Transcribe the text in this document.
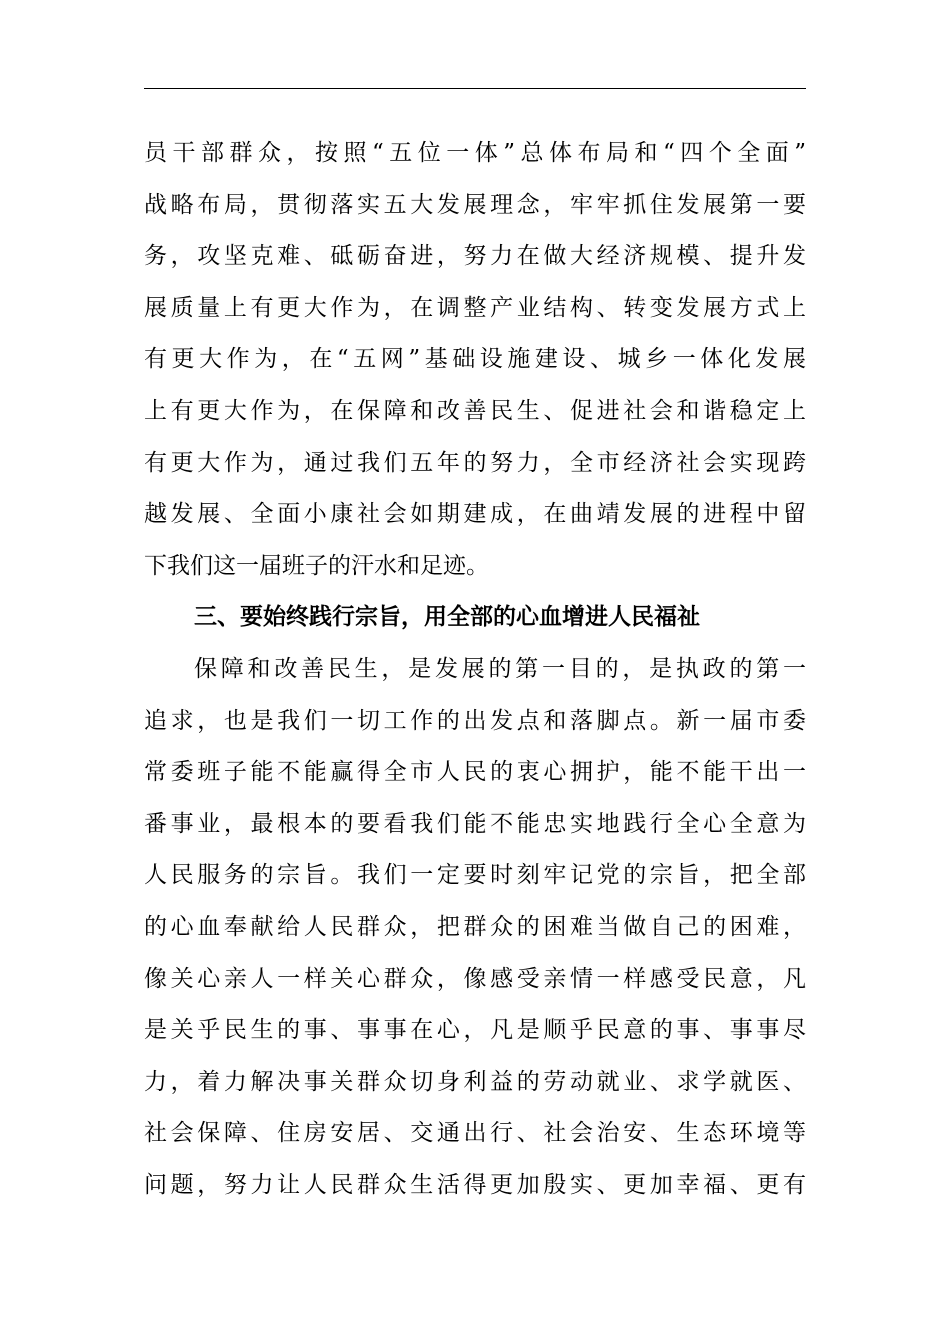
员干部群众，按照“五位一体”总体布局和“四个全面”
战略布局，贯彻落实五大发展理念，牢牢抓住发展第一要
务，攻坚克难、砥砺奋进，努力在做大经济规模、提升发
展质量上有更大作为，在调整产业结构、转变发展方式上
有更大作为，在“五网”基础设施建设、城乡一体化发展
上有更大作为，在保障和改善民生、促进社会和谐稳定上
有更大作为，通过我们五年的努力，全市经济社会实现跨
越发展、全面小康社会如期建成，在曲靖发展的进程中留
下我们这一届班子的汗水和足迹。
三、要始终践行宗旨，用全部的心血增进人民福祉
保障和改善民生，是发展的第一目的，是执政的第一
追求，也是我们一切工作的出发点和落脚点。新一届市委
常委班子能不能赢得全市人民的衷心拥护，能不能干出一
番事业，最根本的要看我们能不能忠实地践行全心全意为
人民服务的宗旨。我们一定要时刻牢记党的宗旨，把全部
的心血奉献给人民群众，把群众的困难当做自己的困难，
像关心亲人一样关心群众，像感受亲情一样感受民意，凡
是关乎民生的事、事事在心，凡是顺乎民意的事、事事尽
力，着力解决事关群众切身利益的劳动就业、求学就医、
社会保障、住房安居、交通出行、社会治安、生态环境等
问题，努力让人民群众生活得更加殷实、更加幸福、更有
